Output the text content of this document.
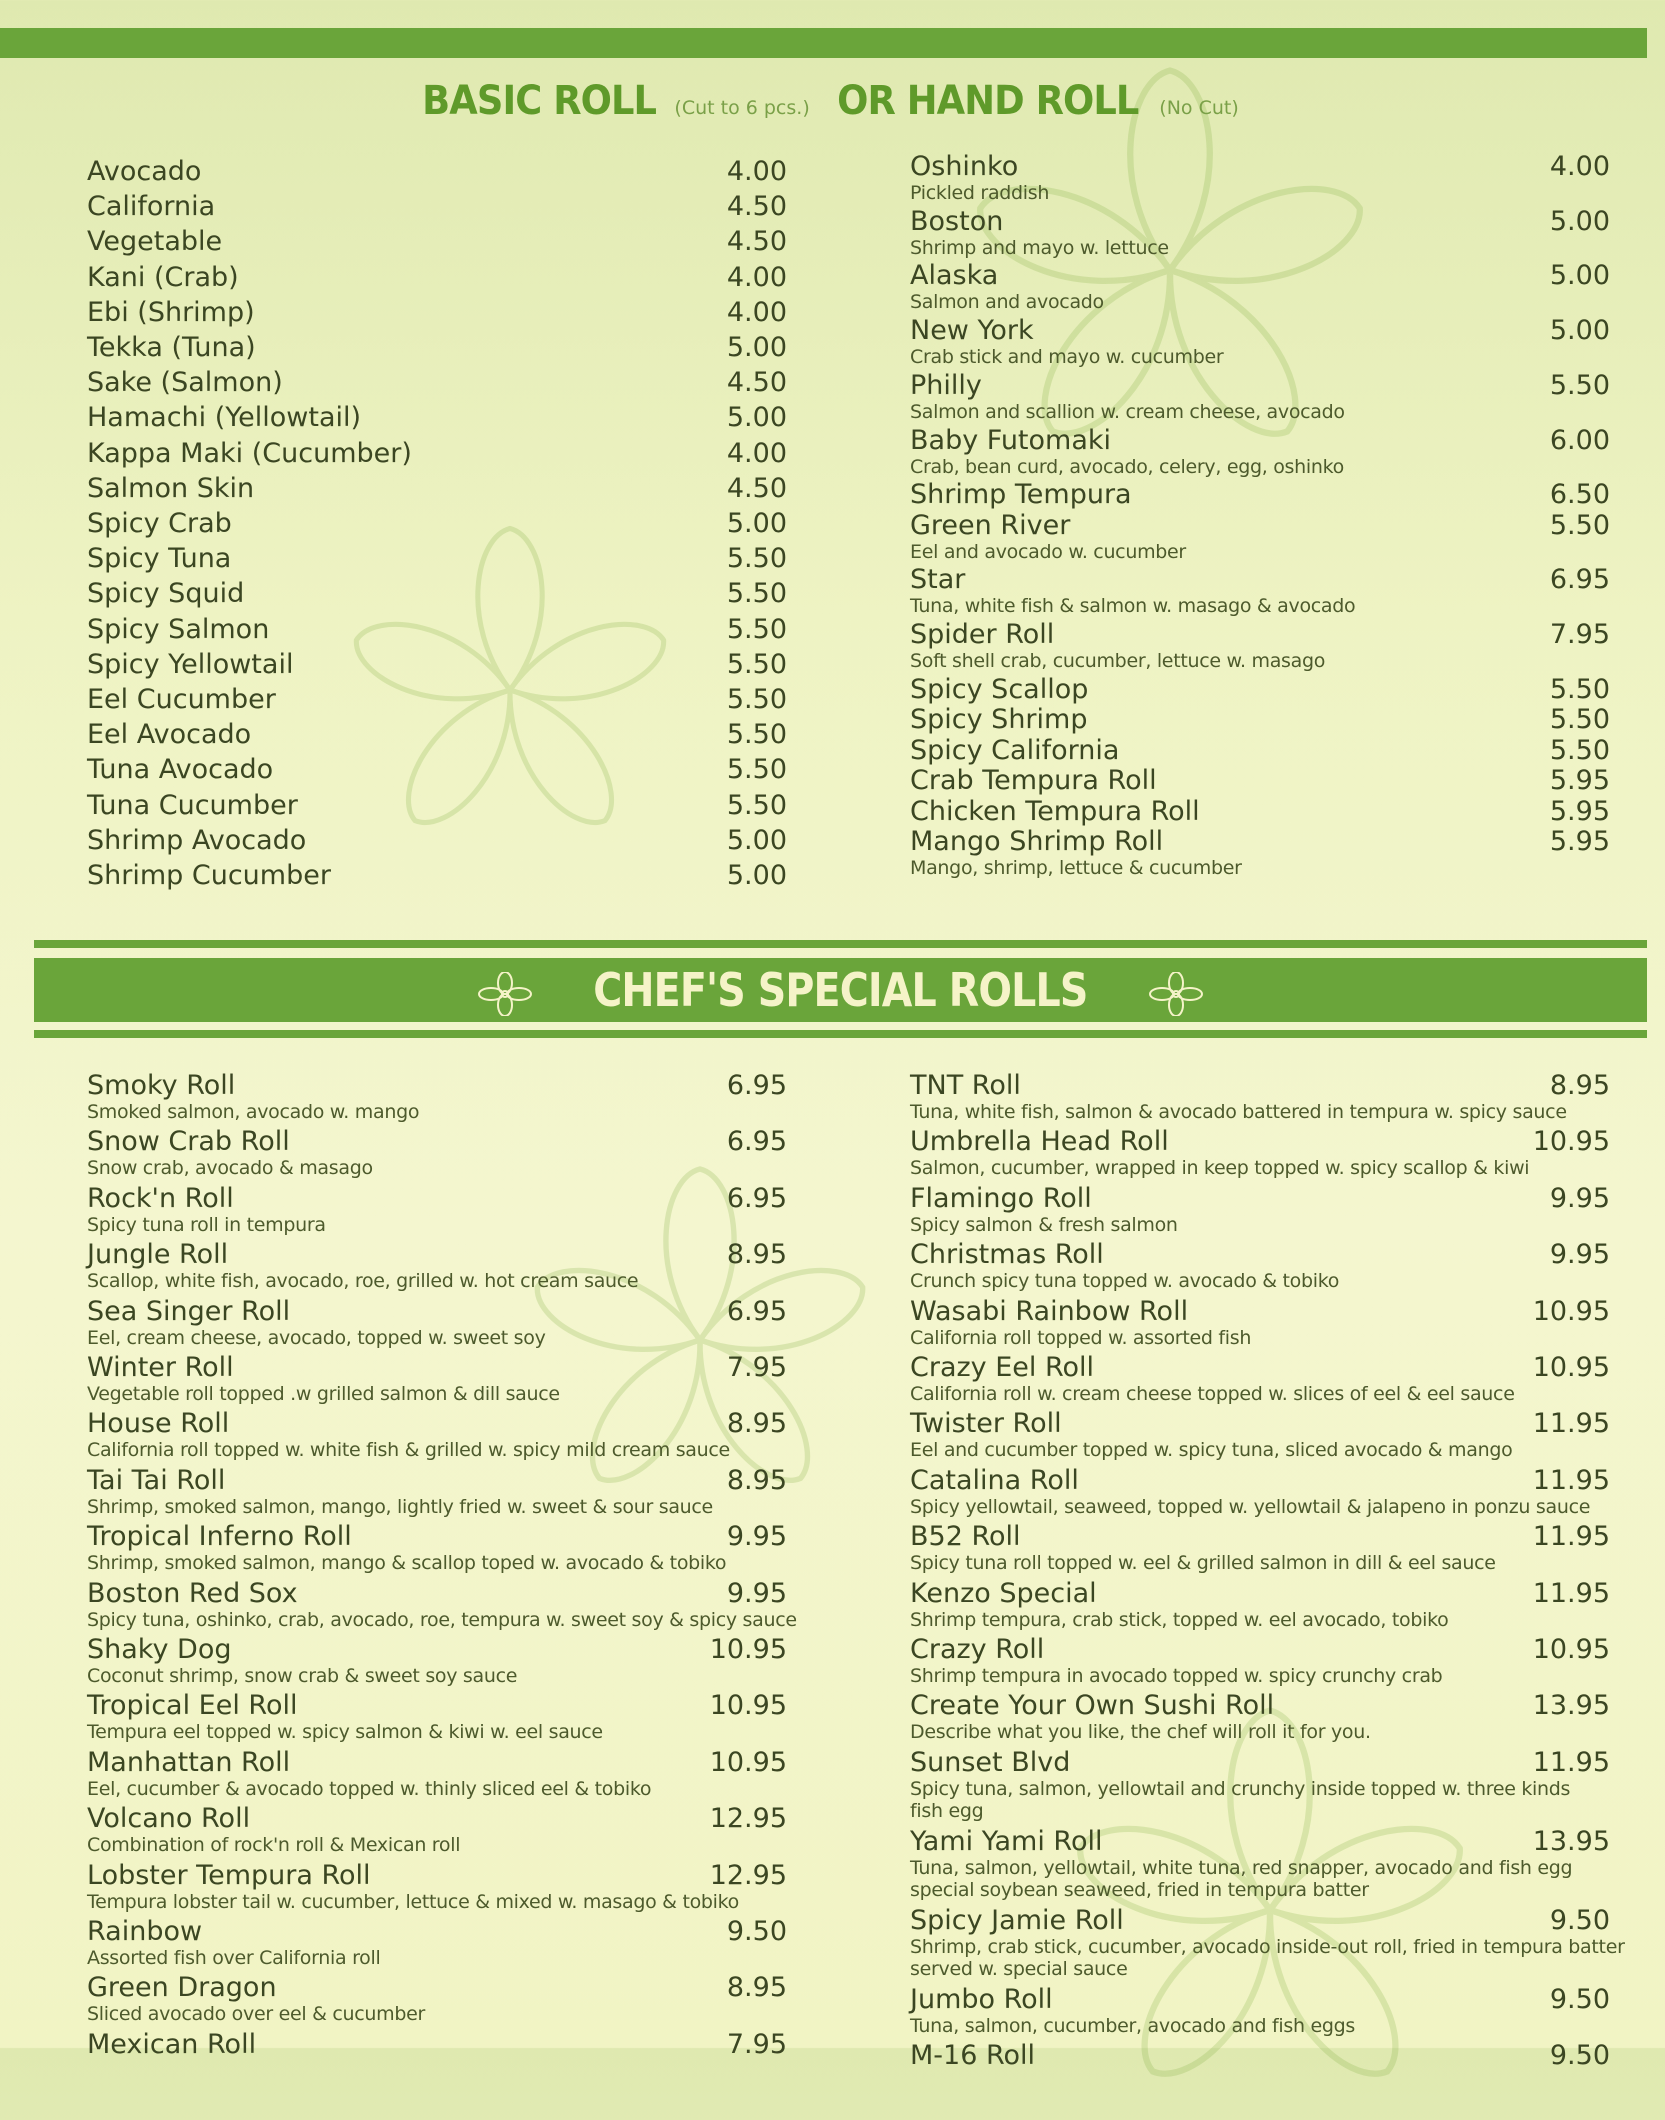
BASIC ROLL (Cut to 6 pcs.) OR HAND ROLL (No Cut)
Avocado	4.00
California	4.50
Vegetable	4.50
Kani (Crab)	4.00
Ebi (Shrimp)	4.00
Tekka (Tuna)	5.00
Sake (Salmon)	4.50
Hamachi (Yellowtail)	5.00
Kappa Maki (Cucumber)	4.00
Salmon Skin	4.50
Spicy Crab	5.00
Spicy Tuna	5.50
Spicy Squid	5.50
Spicy Salmon	5.50
Spicy Yellowtail	5.50
Eel Cucumber	5.50
Eel Avocado	5.50
Tuna Avocado	5.50
Tuna Cucumber	5.50
Shrimp Avocado	5.00
Shrimp Cucumber	5.00
Oshinko	4.00
Pickled raddish
Boston	5.00
Shrimp and mayo w. lettuce
Alaska	5.00
Salmon and avocado
New York	5.00
Crab stick and mayo w. cucumber
Philly	5.50
Salmon and scallion w. cream cheese, avocado
Baby Futomaki	6.00
Crab, bean curd, avocado, celery, egg, oshinko
Shrimp Tempura	6.50
Green River	5.50
Eel and avocado w. cucumber
Star	6.95
Tuna, white fish & salmon w. masago & avocado
Spider Roll	7.95
Soft shell crab, cucumber, lettuce w. masago
Spicy Scallop	5.50
Spicy Shrimp	5.50
Spicy California	5.50
Crab Tempura Roll	5.95
Chicken Tempura Roll	5.95
Mango Shrimp Roll	5.95
Mango, shrimp, lettuce & cucumber
CHEF'S SPECIAL ROLLS
Smoky Roll	6.95
Smoked salmon, avocado w. mango
Snow Crab Roll	6.95
Snow crab, avocado & masago
Rock'n Roll	6.95
Spicy tuna roll in tempura
Jungle Roll	8.95
Scallop, white fish, avocado, roe, grilled w. hot cream sauce
Sea Singer Roll	6.95
Eel, cream cheese, avocado, topped w. sweet soy
Winter Roll	7.95
Vegetable roll topped .w grilled salmon & dill sauce
House Roll	8.95
California roll topped w. white fish & grilled w. spicy mild cream sauce
Tai Tai Roll	8.95
Shrimp, smoked salmon, mango, lightly fried w. sweet & sour sauce
Tropical Inferno Roll	9.95
Shrimp, smoked salmon, mango & scallop toped w. avocado & tobiko
Boston Red Sox	9.95
Spicy tuna, oshinko, crab, avocado, roe, tempura w. sweet soy & spicy sauce
Shaky Dog	10.95
Coconut shrimp, snow crab & sweet soy sauce
Tropical Eel Roll	10.95
Tempura eel topped w. spicy salmon & kiwi w. eel sauce
Manhattan Roll	10.95
Eel, cucumber & avocado topped w. thinly sliced eel & tobiko
Volcano Roll	12.95
Combination of rock'n roll & Mexican roll
Lobster Tempura Roll	12.95
Tempura lobster tail w. cucumber, lettuce & mixed w. masago & tobiko
Rainbow	9.50
Assorted fish over California roll
Green Dragon	8.95
Sliced avocado over eel & cucumber
Mexican Roll	7.95
TNT Roll	8.95
Tuna, white fish, salmon & avocado battered in tempura w. spicy sauce
Umbrella Head Roll	10.95
Salmon, cucumber, wrapped in keep topped w. spicy scallop & kiwi
Flamingo Roll	9.95
Spicy salmon & fresh salmon
Christmas Roll	9.95
Crunch spicy tuna topped w. avocado & tobiko
Wasabi Rainbow Roll	10.95
California roll topped w. assorted fish
Crazy Eel Roll	10.95
California roll w. cream cheese topped w. slices of eel & eel sauce
Twister Roll	11.95
Eel and cucumber topped w. spicy tuna, sliced avocado & mango
Catalina Roll	11.95
Spicy yellowtail, seaweed, topped w. yellowtail & jalapeno in ponzu sauce
B52 Roll	11.95
Spicy tuna roll topped w. eel & grilled salmon in dill & eel sauce
Kenzo Special	11.95
Shrimp tempura, crab stick, topped w. eel avocado, tobiko
Crazy Roll	10.95
Shrimp tempura in avocado topped w. spicy crunchy crab
Create Your Own Sushi Roll	13.95
Describe what you like, the chef will roll it for you.
Sunset Blvd	11.95
Spicy tuna, salmon, yellowtail and crunchy inside topped w. three kinds
fish egg
Yami Yami Roll	13.95
Tuna, salmon, yellowtail, white tuna, red snapper, avocado and fish egg
special soybean seaweed, fried in tempura batter
Spicy Jamie Roll	9.50
Shrimp, crab stick, cucumber, avocado inside-out roll, fried in tempura batter
served w. special sauce
Jumbo Roll	9.50
Tuna, salmon, cucumber, avocado and fish eggs
M-16 Roll	9.50
